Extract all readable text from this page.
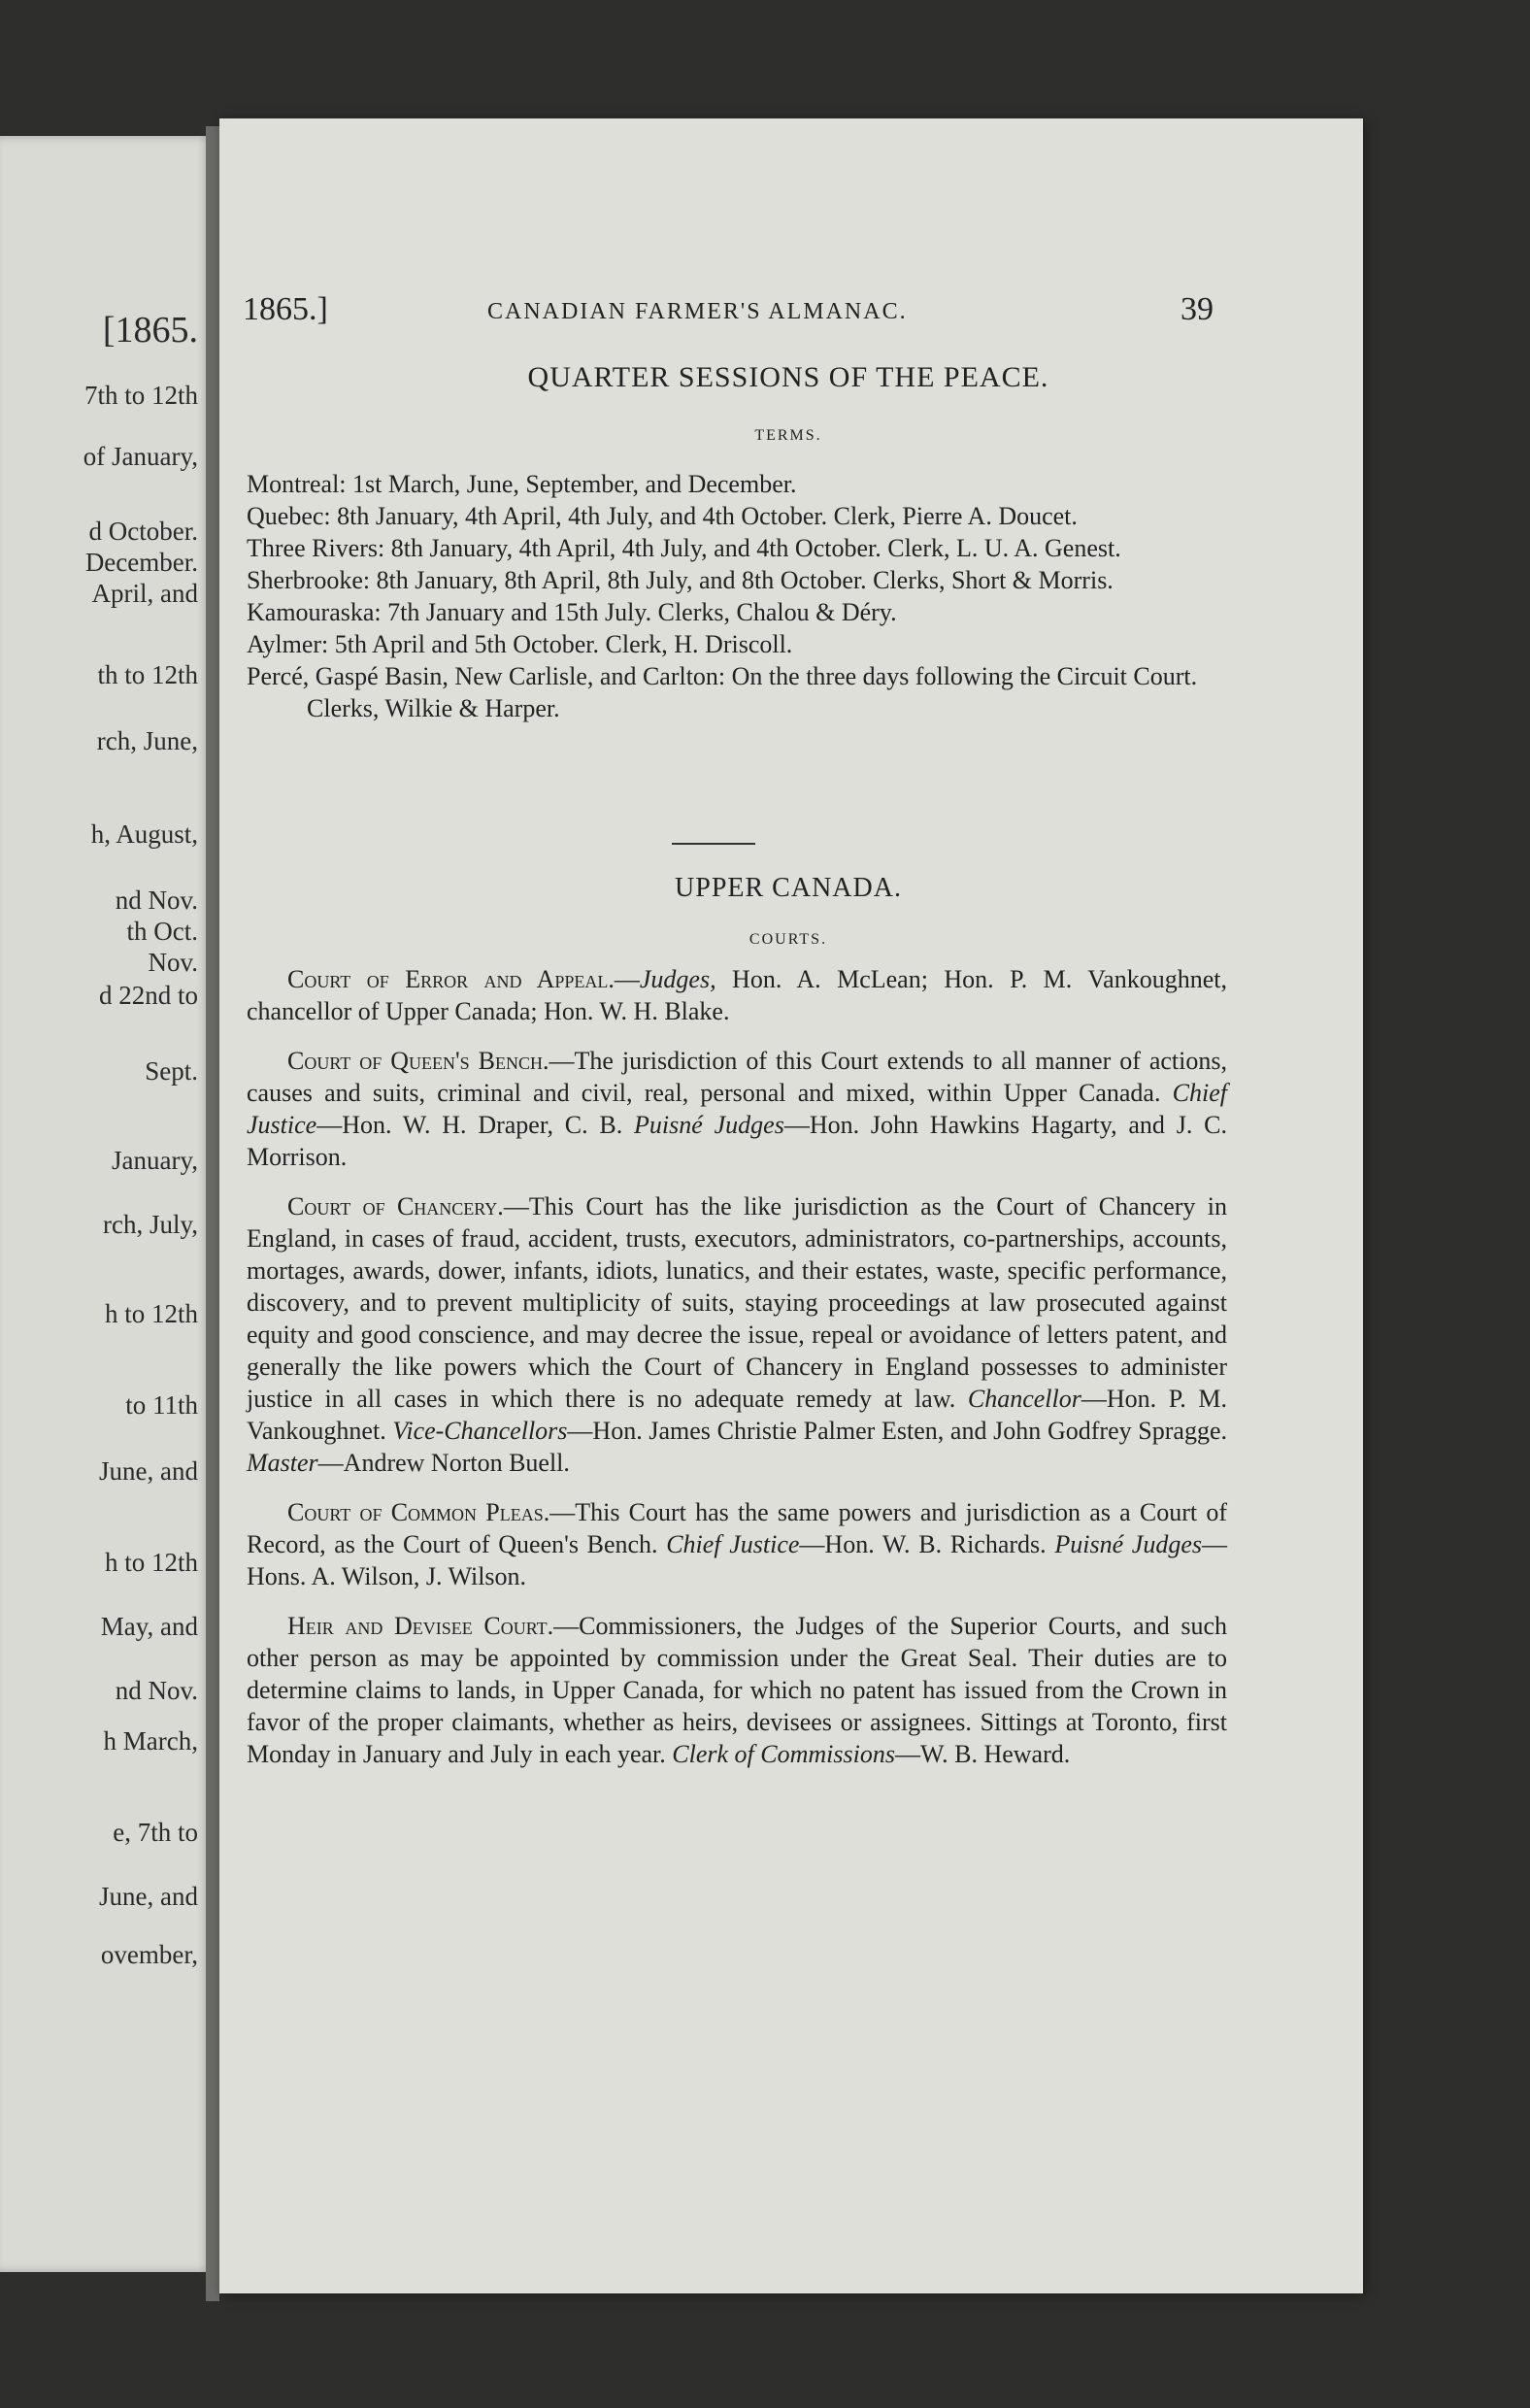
[1865.
7th to 12th
of January,
d October.
December.
April, and
th to 12th
rch, June,
h, August,
nd Nov.
th Oct.
Nov.
d 22nd to
Sept.
January,
rch, July,
h to 12th
to 11th
June, and
h to 12th
May, and
nd Nov.
h March,
e, 7th to
June, and
ovember,
1865.]	CANADIAN FARMER'S ALMANAC.	39
QUARTER SESSIONS OF THE PEACE.
TERMS.

Montreal: 1st March, June, September, and December.

Quebec: 8th January, 4th April, 4th July, and 4th October. Clerk, Pierre A. Doucet.

Three Rivers: 8th January, 4th April, 4th July, and 4th October. Clerk, L. U. A. Genest.

Sherbrooke: 8th January, 8th April, 8th July, and 8th October. Clerks, Short & Morris.

Kamouraska: 7th January and 15th July. Clerks, Chalou & Déry.

Aylmer: 5th April and 5th October. Clerk, H. Driscoll.

Percé, Gaspé Basin, New Carlisle, and Carlton: On the three days following the Circuit Court. Clerks, Wilkie & Harper.

UPPER CANADA.
COURTS.

Court of Error and Appeal.—Judges, Hon. A. McLean; Hon. P. M. Vankoughnet, chancellor of Upper Canada; Hon. W. H. Blake.

Court of Queen's Bench.—The jurisdiction of this Court extends to all manner of actions, causes and suits, criminal and civil, real, personal and mixed, within Upper Canada. Chief Justice—Hon. W. H. Draper, C. B. Puisné Judges—Hon. John Hawkins Hagarty, and J. C. Morrison.

Court of Chancery.—This Court has the like jurisdiction as the Court of Chancery in England, in cases of fraud, accident, trusts, executors, administrators, co-partnerships, accounts, mortages, awards, dower, infants, idiots, lunatics, and their estates, waste, specific performance, discovery, and to prevent multiplicity of suits, staying proceedings at law prosecuted against equity and good conscience, and may decree the issue, repeal or avoidance of letters patent, and generally the like powers which the Court of Chancery in England possesses to administer justice in all cases in which there is no adequate remedy at law. Chancellor—Hon. P. M. Vankoughnet. Vice-Chancellors—Hon. James Christie Palmer Esten, and John Godfrey Spragge. Master—Andrew Norton Buell.

Court of Common Pleas.—This Court has the same powers and jurisdiction as a Court of Record, as the Court of Queen's Bench. Chief Justice—Hon. W. B. Richards. Puisné Judges—Hons. A. Wilson, J. Wilson.

Heir and Devisee Court.—Commissioners, the Judges of the Superior Courts, and such other person as may be appointed by commission under the Great Seal. Their duties are to determine claims to lands, in Upper Canada, for which no patent has issued from the Crown in favor of the proper claimants, whether as heirs, devisees or assignees. Sittings at Toronto, first Monday in January and July in each year. Clerk of Commissions—W. B. Heward.
